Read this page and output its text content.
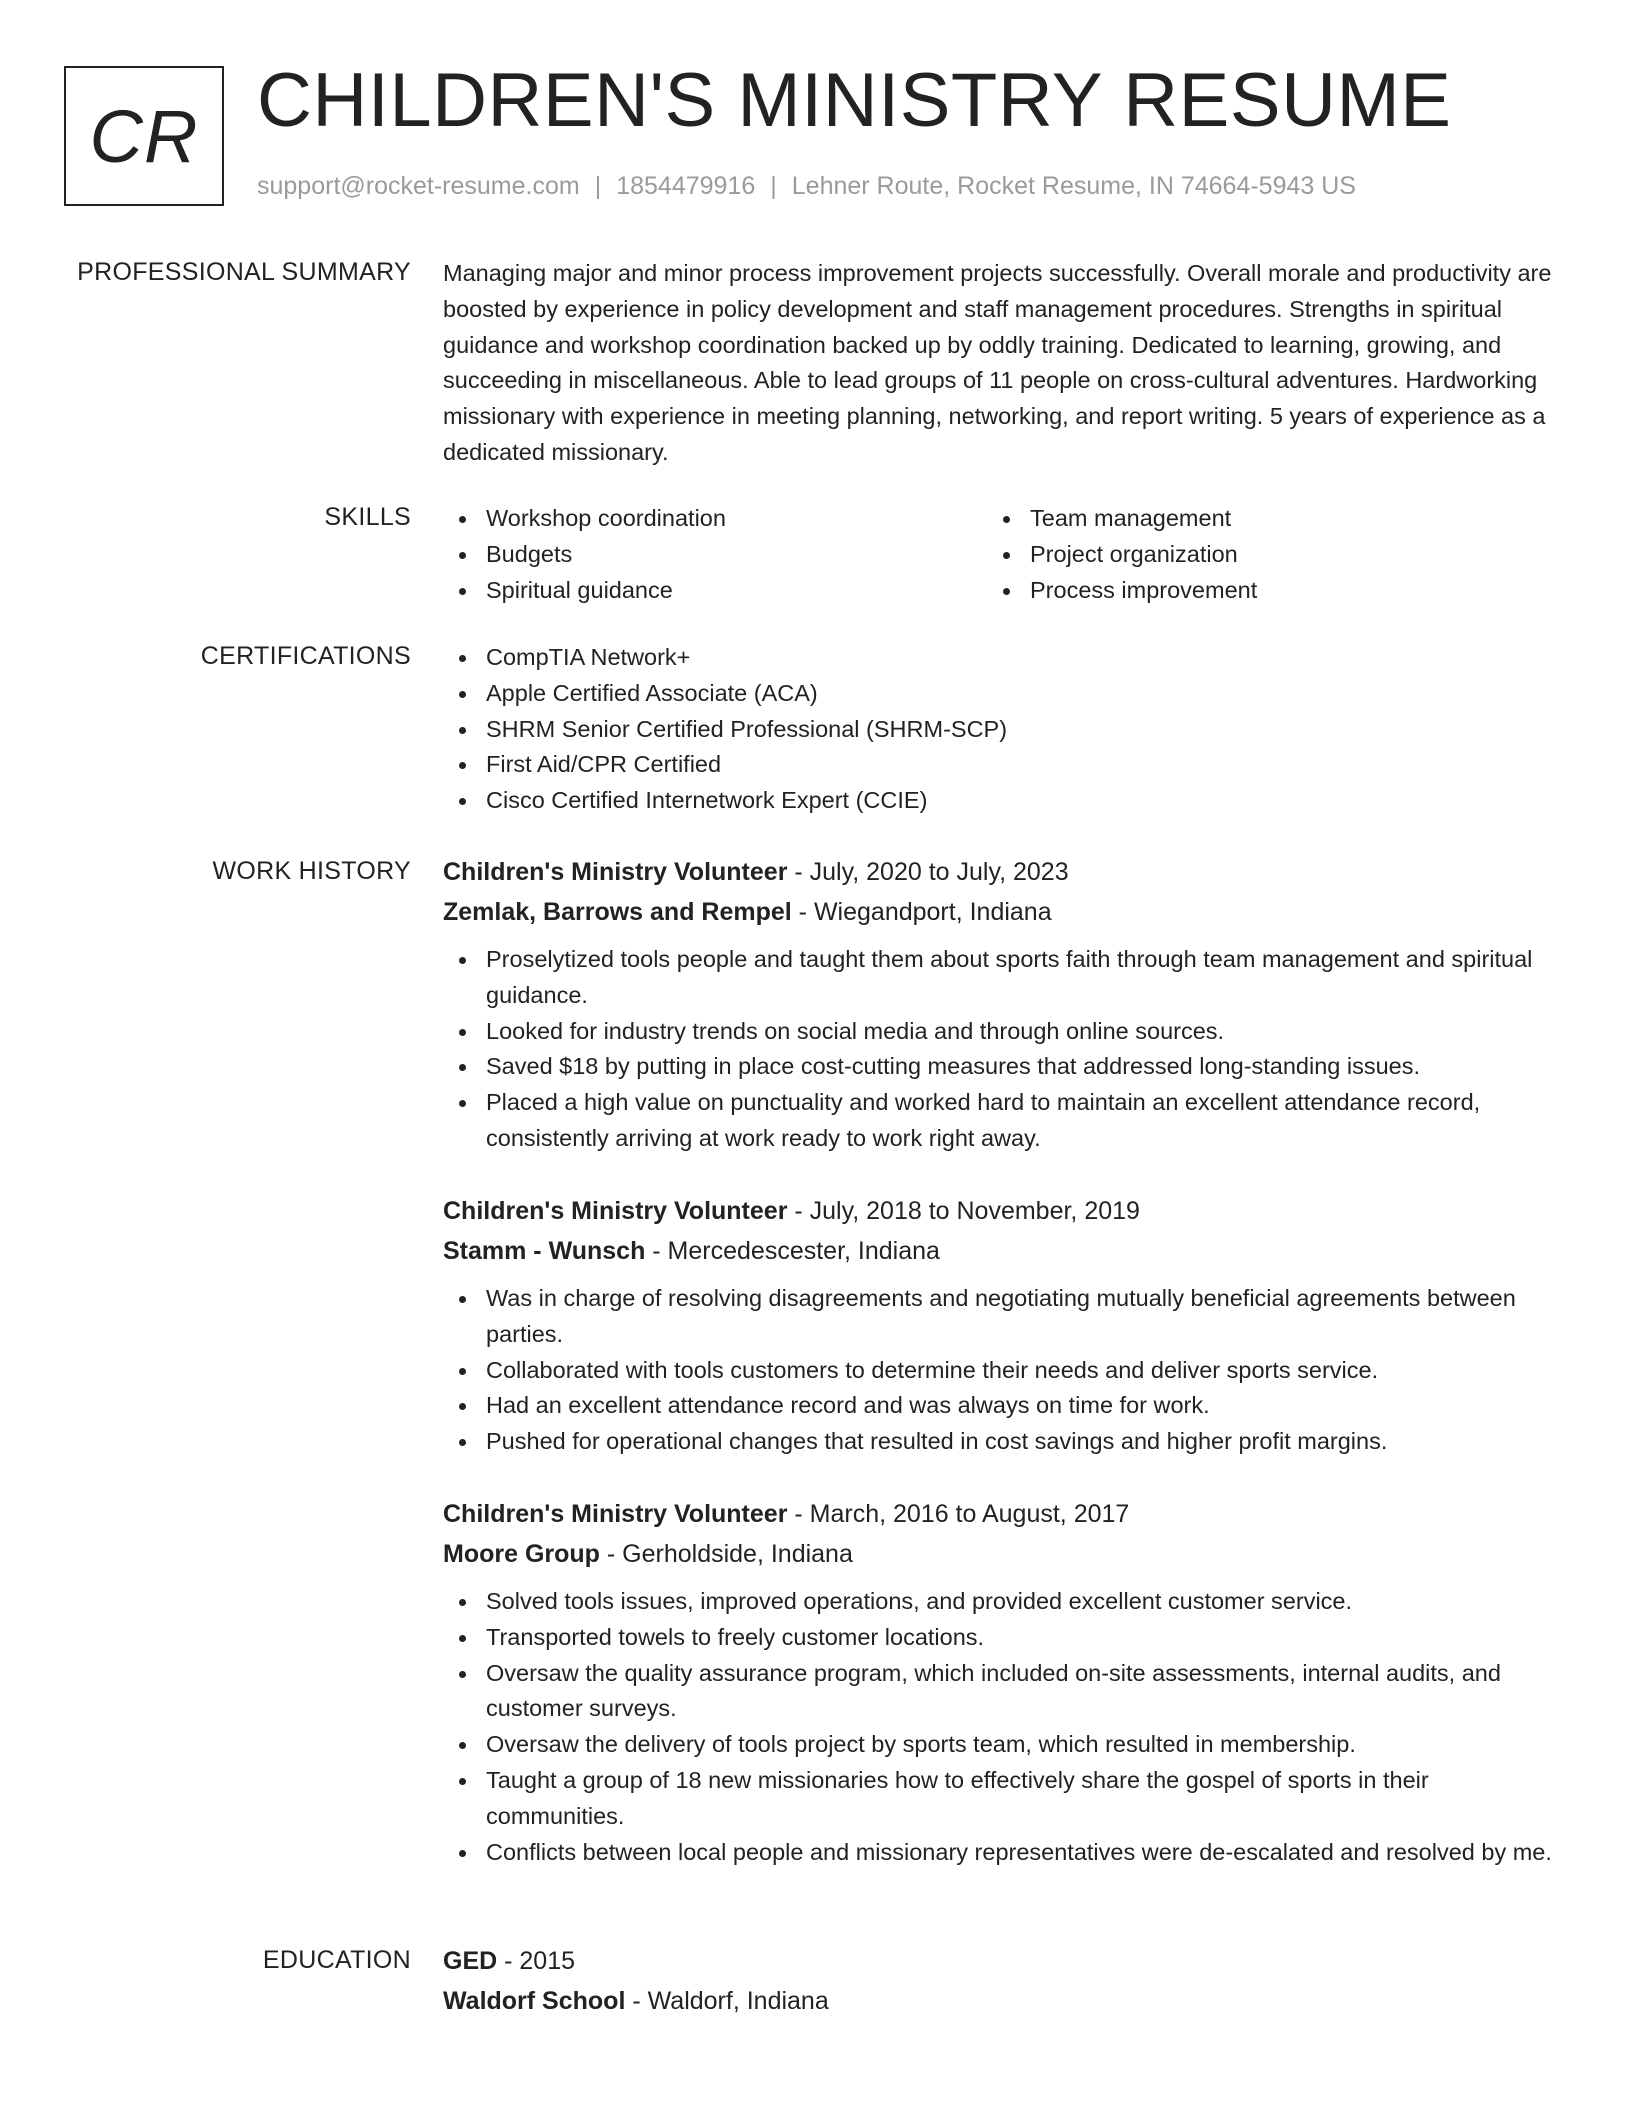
CR CHILDREN'S MINISTRY RESUME
support@rocket-resume.com | 1854479916 | Lehner Route, Rocket Resume, IN 74664-5943 US
PROFESSIONAL SUMMARY Managing major and minor process improvement projects successfully. Overall morale and productivity are boosted by experience in policy development and staff management procedures. Strengths in spiritual guidance and workshop coordination backed up by oddly training. Dedicated to learning, growing, and succeeding in miscellaneous. Able to lead groups of 11 people on cross-cultural adventures. Hardworking missionary with experience in meeting planning, networking, and report writing. 5 years of experience as a dedicated missionary.

SKILLS	Workshop coordination
Budgets
Spiritual guidance
Team management
Project organization
Process improvement
CERTIFICATIONS	CompTIA Network+
Apple Certified Associate (ACA)
SHRM Senior Certified Professional (SHRM-SCP)
First Aid/CPR Certified
Cisco Certified Internetwork Expert (CCIE)
WORK HISTORY Children's Ministry Volunteer - July, 2020 to July, 2023
Zemlak, Barrows and Rempel - Wiegandport, Indiana
Proselytized tools people and taught them about sports faith through team management and spiritual guidance.
Looked for industry trends on social media and through online sources.
Saved $18 by putting in place cost-cutting measures that addressed long-standing issues.
Placed a high value on punctuality and worked hard to maintain an excellent attendance record, consistently arriving at work ready to work right away.
Children's Ministry Volunteer - July, 2018 to November, 2019
Stamm - Wunsch - Mercedescester, Indiana
Was in charge of resolving disagreements and negotiating mutually beneficial agreements between parties.
Collaborated with tools customers to determine their needs and deliver sports service.
Had an excellent attendance record and was always on time for work.
Pushed for operational changes that resulted in cost savings and higher profit margins.
Children's Ministry Volunteer - March, 2016 to August, 2017
Moore Group - Gerholdside, Indiana
Solved tools issues, improved operations, and provided excellent customer service.
Transported towels to freely customer locations.
Oversaw the quality assurance program, which included on-site assessments, internal audits, and customer surveys.
Oversaw the delivery of tools project by sports team, which resulted in membership.
Taught a group of 18 new missionaries how to effectively share the gospel of sports in their communities.
Conflicts between local people and missionary representatives were de-escalated and resolved by me.
EDUCATION GED - 2015
Waldorf School - Waldorf, Indiana
